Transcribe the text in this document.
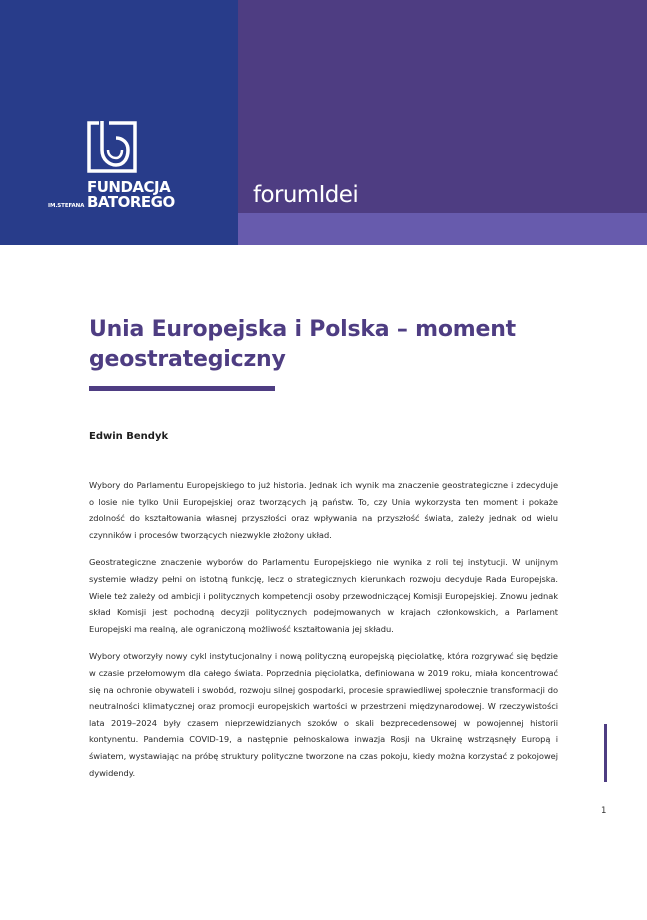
FUNDACJA
BATOREGO
IM.STEFANA	forumIdei
Unia Europejska i Polska – moment geostrategiczny
Edwin Bendyk

Wybory do Parlamentu Europejskiego to już historia. Jednak ich wynik ma znaczenie geostrategiczne i zdecyduje o losie nie tylko Unii Europejskiej oraz tworzących ją państw. To, czy Unia wykorzysta ten moment i pokaże zdolność do kształtowania własnej przyszłości oraz wpływania na przyszłość świata, zależy jednak od wielu czynników i procesów tworzących niezwykle złożony układ.

Geostrategiczne znaczenie wyborów do Parlamentu Europejskiego nie wynika z roli tej instytucji. W unijnym systemie władzy pełni on istotną funkcję, lecz o strategicznych kierunkach rozwoju decyduje Rada Europejska. Wiele też zależy od ambicji i politycznych kompetencji osoby przewodniczącej Komisji Europejskiej. Znowu jednak skład Komisji jest pochodną decyzji politycznych podejmowanych w krajach członkowskich, a Parlament Europejski ma realną, ale ograniczoną możliwość kształtowania jej składu.

Wybory otworzyły nowy cykl instytucjonalny i nową polityczną europejską pięciolatkę, która rozgrywać się będzie w czasie przełomowym dla całego świata. Poprzednia pięciolatka, definiowana w 2019 roku, miała koncentrować się na ochronie obywateli i swobód, rozwoju silnej gospodarki, procesie sprawiedliwej społecznie transformacji do neutralności klimatycznej oraz promocji europejskich wartości w przestrzeni międzynarodowej. W rzeczywistości lata 2019–2024 były czasem nieprzewidzianych szoków o skali bezprecedensowej w powojennej historii kontynentu. Pandemia COVID-19, a następnie pełnoskalowa inwazja Rosji na Ukrainę wstrząsnęły Europą i światem, wystawiając na próbę struktury polityczne tworzone na czas pokoju, kiedy można korzystać z pokojowej dywidendy.

1
